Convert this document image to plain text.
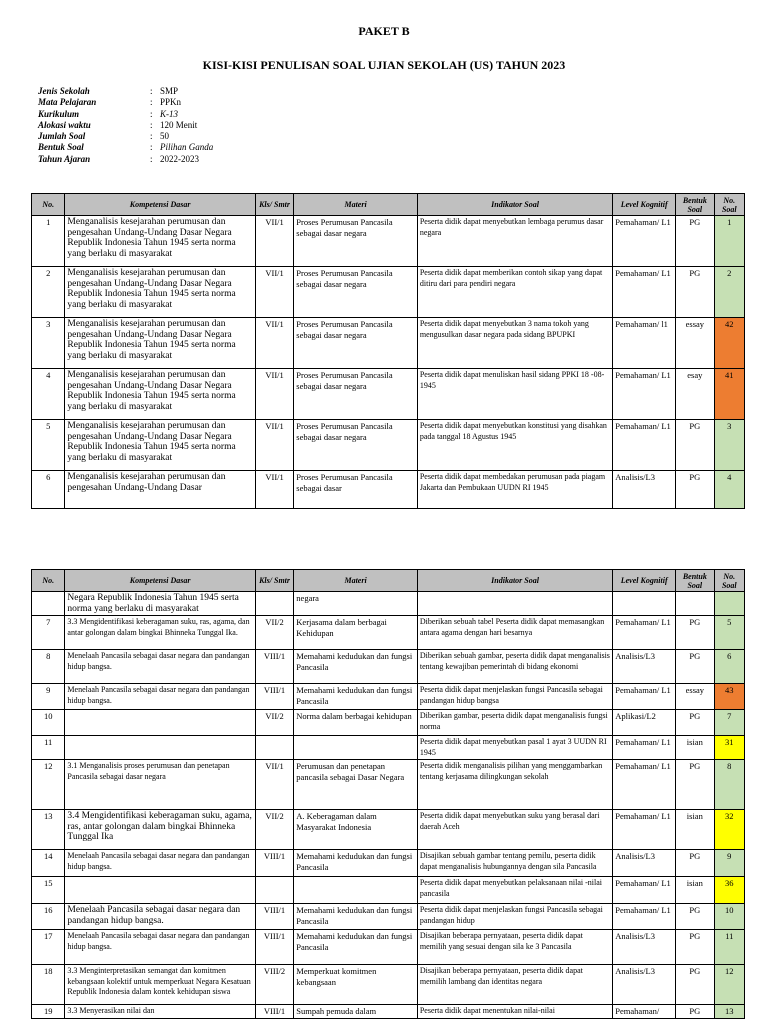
PAKET B
KISI-KISI PENULISAN SOAL UJIAN SEKOLAH (US) TAHUN 2023
Jenis Sekolah	: SMP
Mata Pelajaran	: PPKn
Kurikulum	: K-13
Alokasi waktu	: 120 Menit
Jumlah Soal	: 50
Bentuk Soal	: Pilihan Ganda
Tahun Ajaran	: 2022-2023
No.	Kompetensi Dasar	Kls/ Smtr	Materi	Indikator Soal	Level Kognitif	Bentuk Soal	No. Soal
1	Menganalisis kesejarahan perumusan dan pengesahan Undang-Undang Dasar Negara Republik Indonesia Tahun 1945 serta norma yang berlaku di masyarakat	VII/1	Proses Perumusan Pancasila sebagai dasar negara	Peserta didik dapat menyebutkan lembaga perumus dasar negara	Pemahaman/ L1	PG	1
2	Menganalisis kesejarahan perumusan dan pengesahan Undang-Undang Dasar Negara Republik Indonesia Tahun 1945 serta norma yang berlaku di masyarakat	VII/1	Proses Perumusan Pancasila sebagai dasar negara	Peserta didik dapat memberikan contoh sikap yang dapat ditiru dari para pendiri negara	Pemahaman/ L1	PG	2
3	Menganalisis kesejarahan perumusan dan pengesahan Undang-Undang Dasar Negara Republik Indonesia Tahun 1945 serta norma yang berlaku di masyarakat	VII/1	Proses Perumusan Pancasila sebagai dasar negara	Peserta didik dapat menyebutkan 3 nama tokoh yang mengusulkan dasar negara pada sidang BPUPKI	Pemahaman/ l1	essay	42
4	Menganalisis kesejarahan perumusan dan pengesahan Undang-Undang Dasar Negara Republik Indonesia Tahun 1945 serta norma yang berlaku di masyarakat	VII/1	Proses Perumusan Pancasila sebagai dasar negara	Peserta didik dapat menuliskan hasil sidang PPKI 18 -08-1945	Pemahaman/ L1	esay	41
5	Menganalisis kesejarahan perumusan dan pengesahan Undang-Undang Dasar Negara Republik Indonesia Tahun 1945 serta norma yang berlaku di masyarakat	VII/1	Proses Perumusan Pancasila sebagai dasar negara	Peserta didik dapat menyebutkan konstitusi yang disahkan pada tanggal 18 Agustus 1945	Pemahaman/ L1	PG	3
6	Menganalisis kesejarahan perumusan dan pengesahan Undang-Undang Dasar	VII/1	Proses Perumusan Pancasila sebagai dasar	Peserta didik dapat membedakan perumusan pada piagam Jakarta dan Pembukaan UUDN RI 1945	Analisis/L3	PG	4
No.	Kompetensi Dasar	Kls/ Smtr	Materi	Indikator Soal	Level Kognitif	Bentuk Soal	No. Soal
	Negara Republik Indonesia Tahun 1945 serta norma yang berlaku di masyarakat		negara				
7	3.3 Mengidentifikasi keberagaman suku, ras, agama, dan antar golongan dalam bingkai Bhinneka Tunggal Ika.	VII/2	Kerjasama dalam berbagai Kehidupan	Diberikan sebuah tabel Peserta didik dapat memasangkan antara agama dengan hari besarnya	Pemahaman/ L1	PG	5
8	Menelaah Pancasila sebagai dasar negara dan pandangan hidup bangsa.	VIII/1	Memahami kedudukan dan fungsi Pancasila	Diberikan sebuah gambar, peserta didik dapat menganalisis tentang kewajiban pemerintah di bidang ekonomi	Analisis/L3	PG	6
9	Menelaah Pancasila sebagai dasar negara dan pandangan hidup bangsa.	VIII/1	Memahami kedudukan dan fungsi Pancasila	Peserta didik dapat menjelaskan fungsi Pancasila sebagai pandangan hidup bangsa	Pemahaman/ L1	essay	43
10		VII/2	Norma dalam berbagai kehidupan	Diberikan gambar, peserta didik dapat menganalisis fungsi norma	Aplikasi/L2	PG	7
11				Peserta didik dapat menyebutkan pasal 1 ayat 3 UUDN RI 1945	Pemahaman/ L1	isian	31
12	3.1 Menganalisis proses perumusan dan penetapan Pancasila sebagai dasar negara	VII/1	Perumusan dan penetapan pancasila sebagai Dasar Negara	Peserta didik menganalisis pilihan yang menggambarkan tentang kerjasama dilingkungan sekolah	Pemahaman/ L1	PG	8
13	3.4 Mengidentifikasi keberagaman suku, agama, ras, antar golongan dalam bingkai Bhinneka Tunggal Ika	VII/2	A. Keberagaman dalam Masyarakat Indonesia	Peserta didik dapat menyebutkan suku yang berasal dari daerah Aceh	Pemahaman/ L1	isian	32
14	Menelaah Pancasila sebagai dasar negara dan pandangan hidup bangsa.	VIII/1	Memahami kedudukan dan fungsi Pancasila	Disajikan sebuah gambar tentang pemilu, peserta didik dapat menganalisis hubungannya dengan sila Pancasila	Analisis/L3	PG	9
15				Peserta didik dapat menyebutkan pelaksanaan nilai -nilai pancasila	Pemahaman/ L1	isian	36
16	Menelaah Pancasila sebagai dasar negara dan pandangan hidup bangsa.	VIII/1	Memahami kedudukan dan fungsi Pancasila	Peserta didik dapat menjelaskan fungsi Pancasila sebagai pandangan hidup	Pemahaman/ L1	PG	10
17	Menelaah Pancasila sebagai dasar negara dan pandangan hidup bangsa.	VIII/1	Memahami kedudukan dan fungsi Pancasila	Disajikan beberapa pernyataan, peserta didik dapat memilih yang sesuai dengan sila ke 3 Pancasila	Analisis/L3	PG	11
18	3.3 Menginterpretasikan semangat dan komitmen kebangsaan kolektif untuk memperkuat Negara Kesatuan Republik Indonesia dalam kontek kehidupan siswa	VIII/2	Memperkuat komitmen kebangsaan	Disajikan beberapa pernyataan, peserta didik dapat memilih lambang dan identitas negara	Analisis/L3	PG	12
19	3.3 Menyerasikan nilai dan	VIII/1	Sumpah pemuda dalam	Peserta didik dapat menentukan nilai-nilai	Pemahaman/	PG	13
